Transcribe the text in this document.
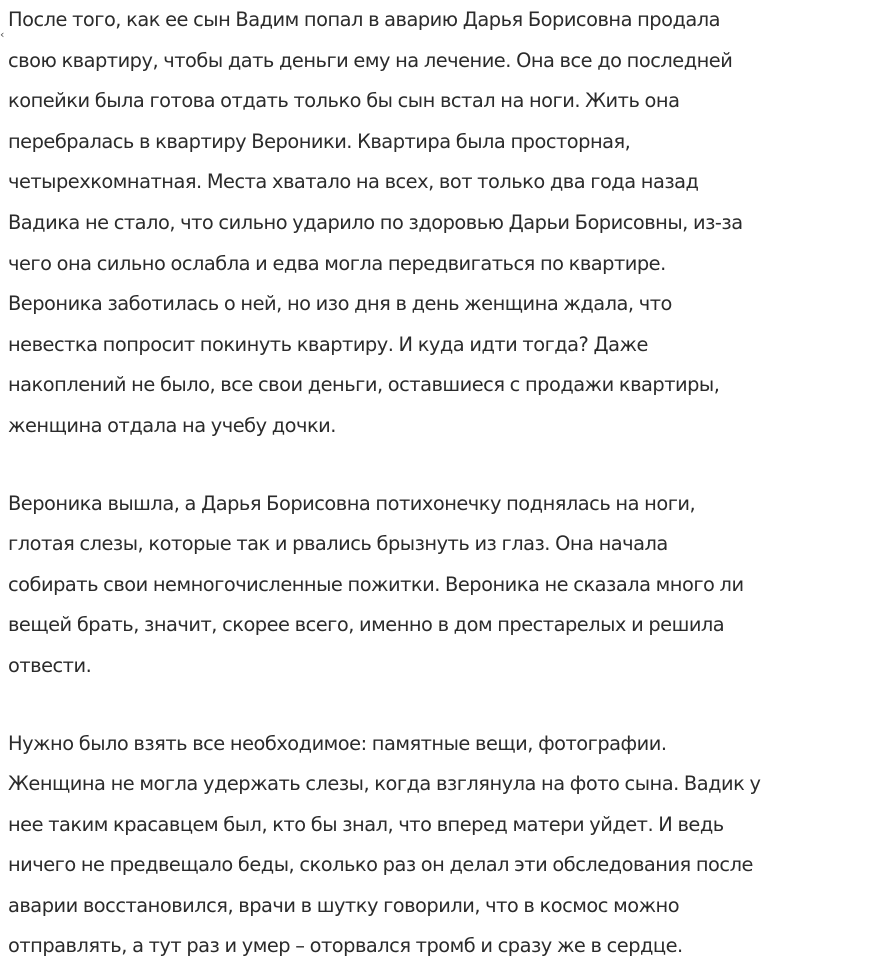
‹
После того, как ее сын Вадим попал в аварию Дарья Борисовна продала
свою квартиру, чтобы дать деньги ему на лечение. Она все до последней
копейки была готова отдать только бы сын встал на ноги. Жить она
перебралась в квартиру Вероники. Квартира была просторная,
четырехкомнатная. Места хватало на всех, вот только два года назад
Вадика не стало, что сильно ударило по здоровью Дарьи Борисовны, из-за
чего она сильно ослабла и едва могла передвигаться по квартире.
Вероника заботилась о ней, но изо дня в день женщина ждала, что
невестка попросит покинуть квартиру. И куда идти тогда? Даже
накоплений не было, все свои деньги, оставшиеся с продажи квартиры,
женщина отдала на учебу дочки.
Вероника вышла, а Дарья Борисовна потихонечку поднялась на ноги,
глотая слезы, которые так и рвались брызнуть из глаз. Она начала
собирать свои немногочисленные пожитки. Вероника не сказала много ли
вещей брать, значит, скорее всего, именно в дом престарелых и решила
отвести.
Нужно было взять все необходимое: памятные вещи, фотографии.
Женщина не могла удержать слезы, когда взглянула на фото сына. Вадик у
нее таким красавцем был, кто бы знал, что вперед матери уйдет. И ведь
ничего не предвещало беды, сколько раз он делал эти обследования после
аварии восстановился, врачи в шутку говорили, что в космос можно
отправлять, а тут раз и умер – оторвался тромб и сразу же в сердце.
